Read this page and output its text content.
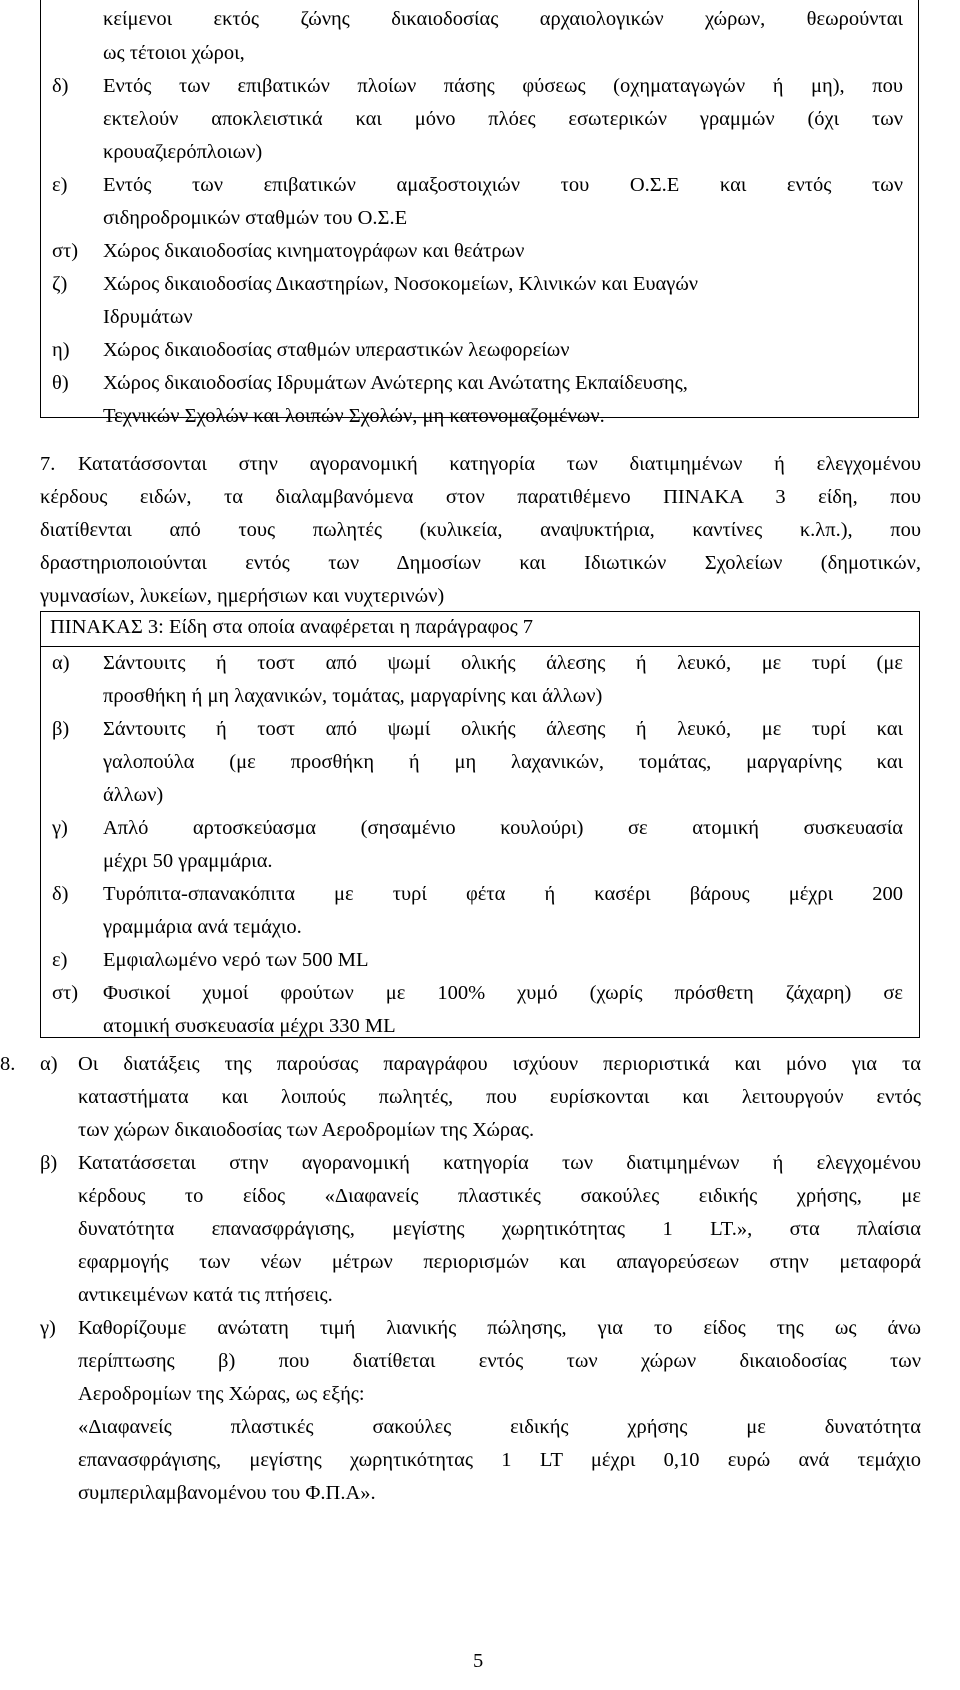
κείμενοι εκτός ζώνης δικαιοδοσίας αρχαιολογικών χώρων, θεωρούνται
ως τέτοιοι χώροι,
δ) Εντός των επιβατικών πλοίων πάσης φύσεως (οχηματαγωγών ή μη), που
εκτελούν αποκλειστικά και μόνο πλόες εσωτερικών γραμμών (όχι των
κρουαζιερόπλοιων)
ε) Εντός των επιβατικών αμαξοστοιχιών του Ο.Σ.Ε και εντός των
σιδηροδρομικών σταθμών του Ο.Σ.Ε
στ) Χώρος δικαιοδοσίας κινηματογράφων και θεάτρων
ζ) Χώρος δικαιοδοσίας Δικαστηρίων, Νοσοκομείων, Κλινικών και Ευαγών
Ιδρυμάτων
η) Χώρος δικαιοδοσίας σταθμών υπεραστικών λεωφορείων
θ) Χώρος δικαιοδοσίας Ιδρυμάτων Ανώτερης και Ανώτατης Εκπαίδευσης,
Τεχνικών Σχολών και λοιπών Σχολών, μη κατονομαζομένων.
7. Κατατάσσονται στην αγορανομική κατηγορία των διατιμημένων ή ελεγχομένου
κέρδους ειδών, τα διαλαμβανόμενα στον παρατιθέμενο ΠΙΝΑΚΑ 3 είδη, που
διατίθενται από τους πωλητές (κυλικεία, αναψυκτήρια, καντίνες κ.λπ.), που
δραστηριοποιούνται εντός των Δημοσίων και Ιδιωτικών Σχολείων (δημοτικών,
γυμνασίων, λυκείων, ημερήσιων και νυχτερινών)
ΠΙΝΑΚΑΣ 3: Είδη στα οποία αναφέρεται η παράγραφος 7
α) Σάντουιτς ή τοστ από ψωμί ολικής άλεσης ή λευκό, με τυρί (με
προσθήκη ή μη λαχανικών, τομάτας, μαργαρίνης και άλλων)
β) Σάντουιτς ή τοστ από ψωμί ολικής άλεσης ή λευκό, με τυρί και
γαλοπούλα (με προσθήκη ή μη λαχανικών, τομάτας, μαργαρίνης και
άλλων)
γ) Απλό αρτοσκεύασμα (σησαμένιο κουλούρι) σε ατομική συσκευασία
μέχρι 50 γραμμάρια.
δ) Τυρόπιτα-σπανακόπιτα με τυρί φέτα ή κασέρι βάρους μέχρι 200
γραμμάρια ανά τεμάχιο.
ε) Εμφιαλωμένο νερό των 500 ML
στ) Φυσικοί χυμοί φρούτων με 100% χυμό (χωρίς πρόσθετη ζάχαρη) σε
ατομική συσκευασία μέχρι 330 ML
8. α) Οι διατάξεις της παρούσας παραγράφου ισχύουν περιοριστικά και μόνο για τα
καταστήματα και λοιπούς πωλητές, που ευρίσκονται και λειτουργούν εντός
των χώρων δικαιοδοσίας των Αεροδρομίων της Χώρας.
β) Κατατάσσεται στην αγορανομική κατηγορία των διατιμημένων ή ελεγχομένου
κέρδους το είδος «Διαφανείς πλαστικές σακούλες ειδικής χρήσης, με
δυνατότητα επανασφράγισης, μεγίστης χωρητικότητας 1 LT.», στα πλαίσια
εφαρμογής των νέων μέτρων περιορισμών και απαγορεύσεων στην μεταφορά
αντικειμένων κατά τις πτήσεις.
γ) Καθορίζουμε ανώτατη τιμή λιανικής πώλησης, για το είδος της ως άνω
περίπτωσης β) που διατίθεται εντός των χώρων δικαιοδοσίας των
Αεροδρομίων της Χώρας, ως εξής:
«Διαφανείς πλαστικές σακούλες ειδικής χρήσης με δυνατότητα
επανασφράγισης, μεγίστης χωρητικότητας 1 LT μέχρι 0,10 ευρώ ανά τεμάχιο
συμπεριλαμβανομένου του Φ.Π.Α».
5
